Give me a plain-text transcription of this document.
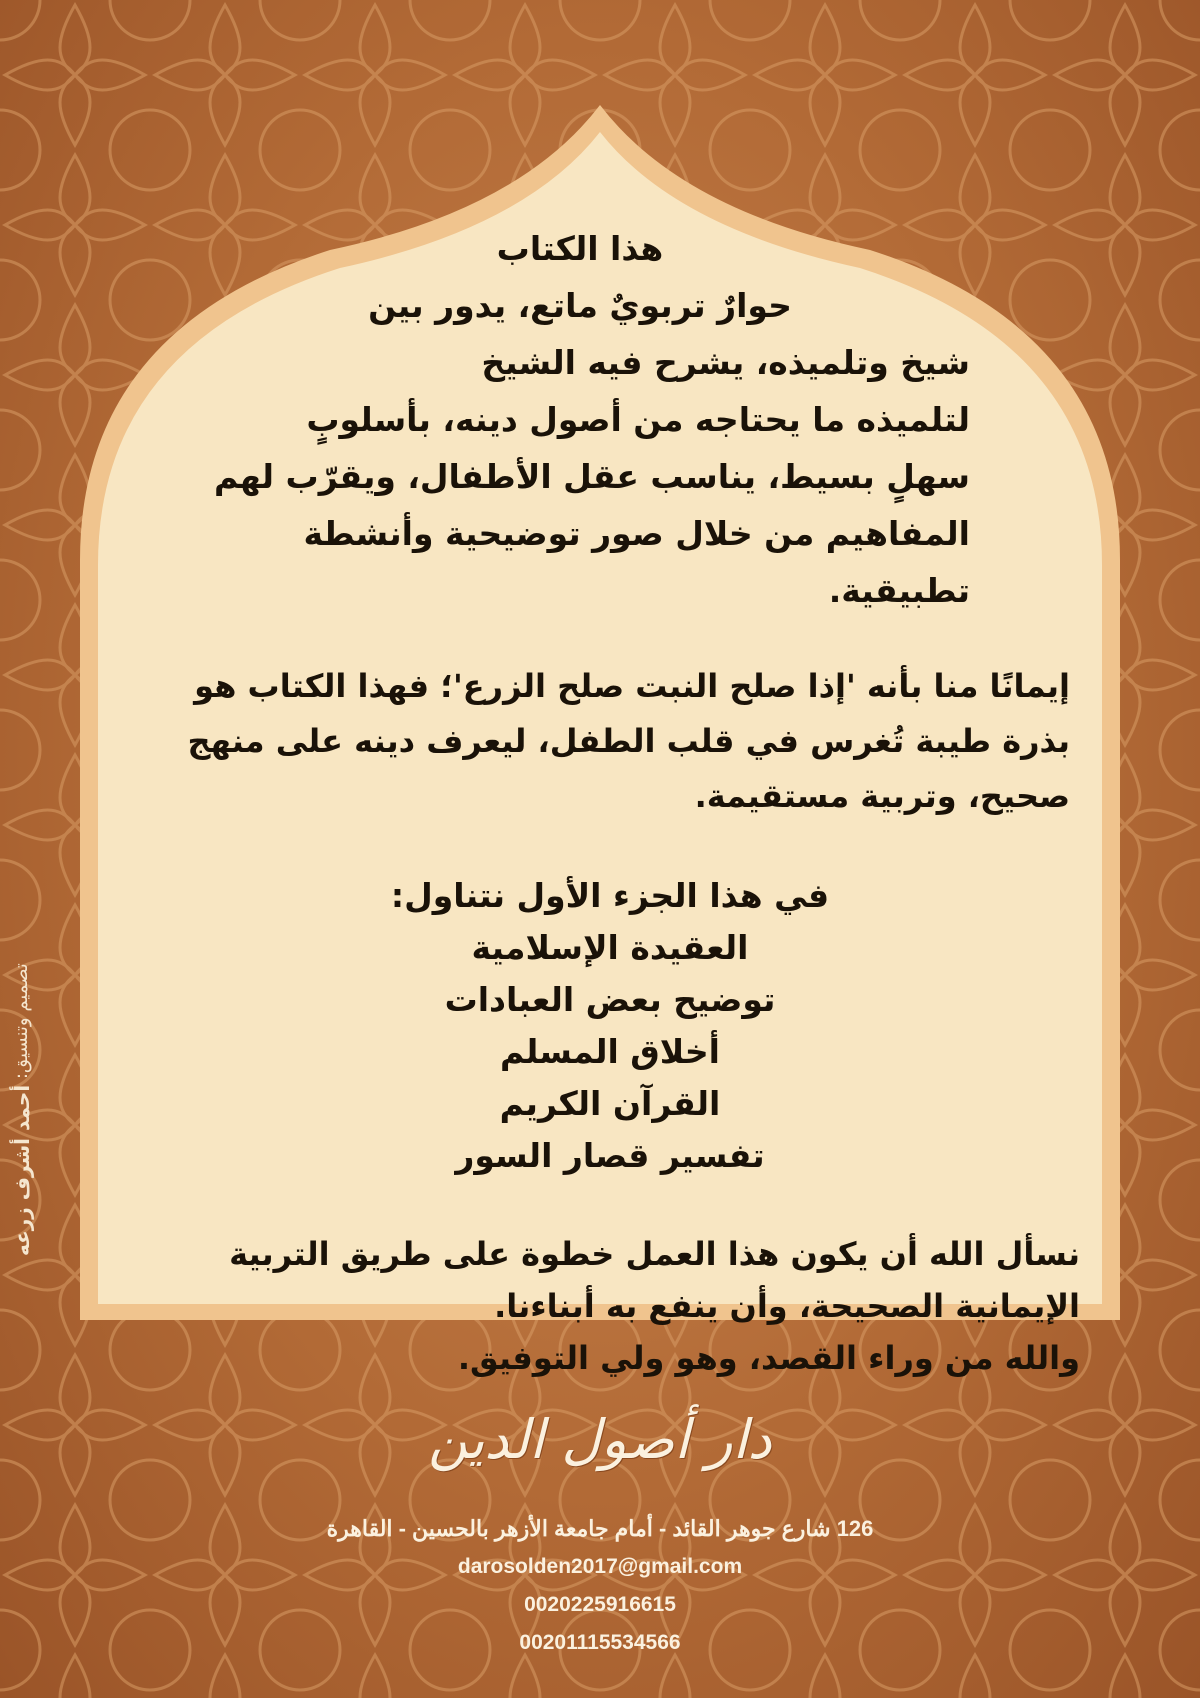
هذا الكتاب

حوارٌ تربويٌ ماتع، يدور بين

شيخ وتلميذه، يشرح فيه الشيخ

لتلميذه ما يحتاجه من أصول دينه، بأسلوبٍ

سهلٍ بسيط، يناسب عقل الأطفال، ويقرّب لهم

المفاهيم من خلال صور توضيحية وأنشطة

تطبيقية.

إيمانًا منا بأنه 'إذا صلح النبت صلح الزرع'؛ فهذا الكتاب هو

بذرة طيبة تُغرس في قلب الطفل، ليعرف دينه على منهج

صحيح، وتربية مستقيمة.

في هذا الجزء الأول نتناول:
العقيدة الإسلامية
توضيح بعض العبادات
أخلاق المسلم
القرآن الكريم
تفسير قصار السور

نسأل الله أن يكون هذا العمل خطوة على طريق التربية

الإيمانية الصحيحة، وأن ينفع به أبناءنا.

والله من وراء القصد، وهو ولي التوفيق.

تصميم وتنسيق: أحمد أشرف زرعه
دار أصول الدين
126 شارع جوهر القائد - أمام جامعة الأزهر بالحسين - القاهرة
darosolden2017@gmail.com
0020225916615
00201115534566
